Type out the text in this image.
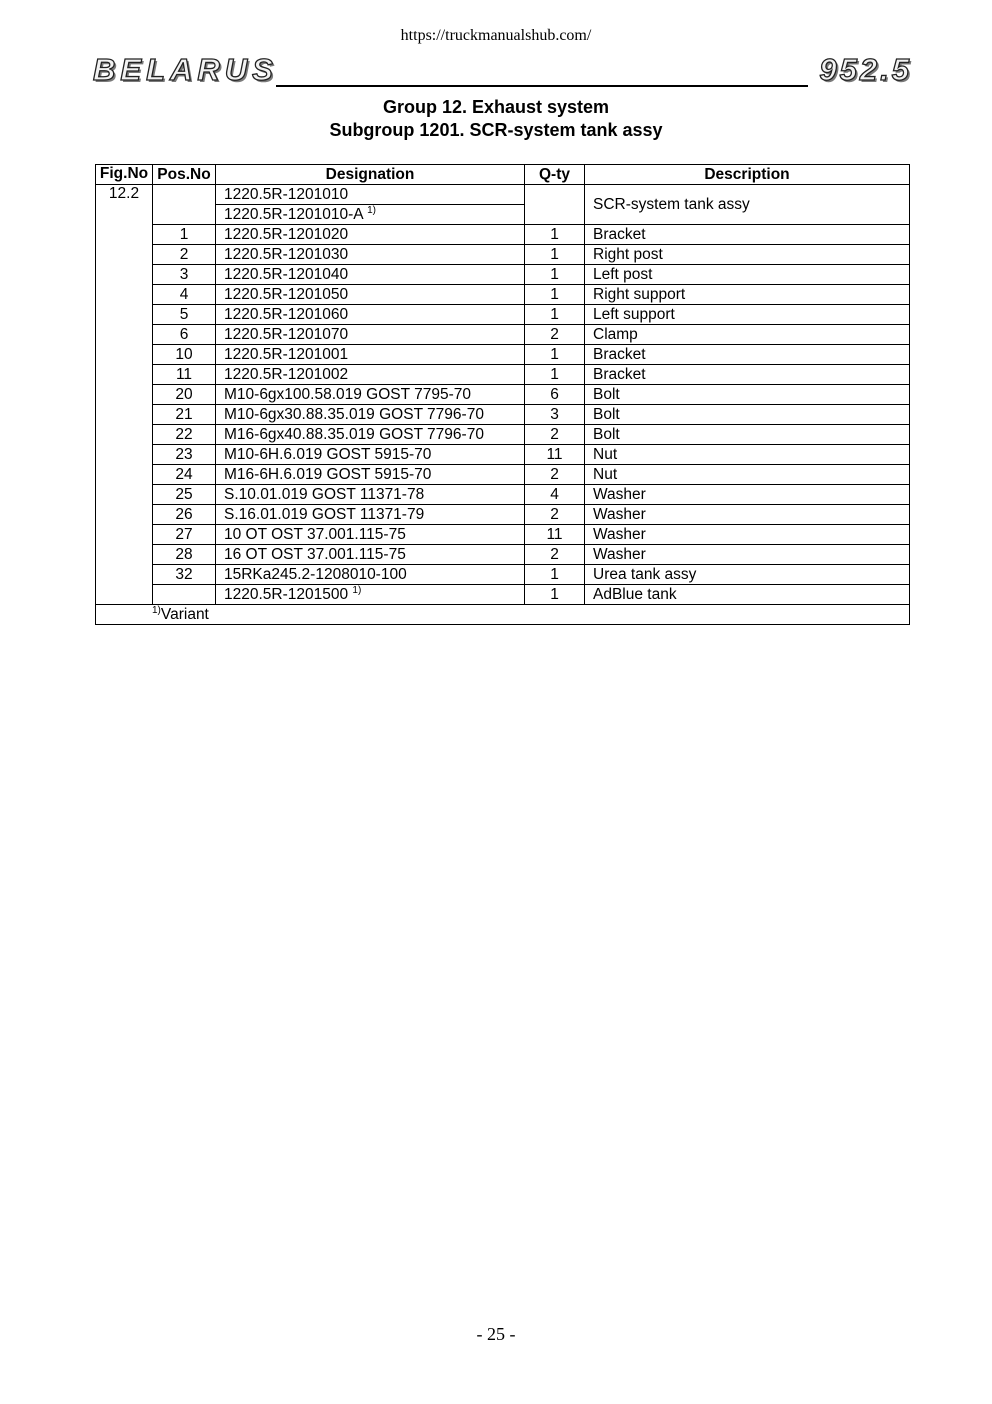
https://truckmanualshub.com/
BELARUS	952.5
Group 12. Exhaust system
Subgroup 1201. SCR-system tank assy
Fig.No	Pos.No	Designation	Q-ty	Description
12.2		1220.5R-1201010		SCR-system tank assy
		1220.5R-1201010-A $^{1)}$
	1	1220.5R-1201020	1	Bracket
	2	1220.5R-1201030	1	Right post
	3	1220.5R-1201040	1	Left post
	4	1220.5R-1201050	1	Right support
	5	1220.5R-1201060	1	Left support
	6	1220.5R-1201070	2	Clamp
	10	1220.5R-1201001	1	Bracket
	11	1220.5R-1201002	1	Bracket
	20	M10-6gx100.58.019 GOST 7795-70	6	Bolt
	21	M10-6gx30.88.35.019 GOST 7796-70	3	Bolt
	22	M16-6gx40.88.35.019 GOST 7796-70	2	Bolt
	23	M10-6H.6.019 GOST 5915-70	11	Nut
	24	M16-6H.6.019 GOST 5915-70	2	Nut
	25	S.10.01.019 GOST 11371-78	4	Washer
	26	S.16.01.019 GOST 11371-79	2	Washer
	27	10 OT OST 37.001.115-75	11	Washer
	28	16 OT OST 37.001.115-75	2	Washer
	32	15RKa245.2-1208010-100	1	Urea tank assy
		1220.5R-1201500 $^{1)}$	1	AdBlue tank
$^{1)}$Variant				
- 25 -
